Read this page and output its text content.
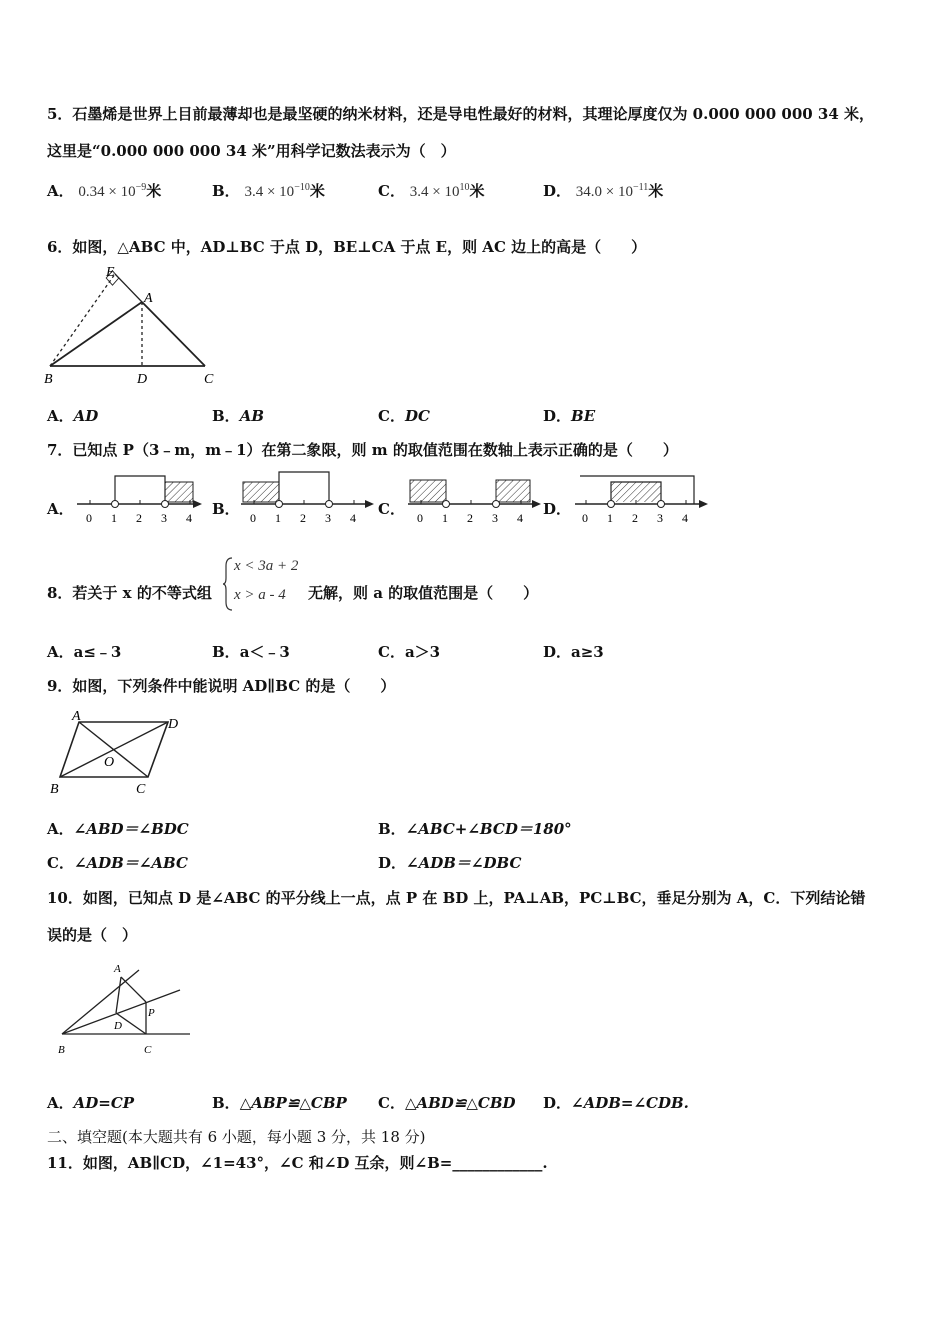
5．石墨烯是世界上目前最薄却也是最坚硬的纳米材料，还是导电性最好的材料，其理论厚度仅为 0.000 000 000 34 米，
这里是“0.000 000 000 34 米”用科学记数法表示为（　）
A． $0.34 \times 10^{-9}$米	B． $3.4 \times 10^{-10}$米	C． $3.4 \times 10^{10}$米	D． $34.0 \times 10^{-11}$米
6．如图，△ABC 中，AD⊥BC 于点 D，BE⊥CA 于点 E，则 AC 边上的高是（　　）
E
A
B	D	C
A．AD	B．AB	C．DC	D．BE
7．已知点 P（3﹣m，m﹣1）在第二象限，则 m 的取值范围在数轴上表示正确的是（　　）
A．	B．	C．	D．
0 1 2 3 4	0 1 2 3 4	0 1 2 3 4	0 1 2 3 4
8．若关于 x 的不等式组
x < 3a + 2
x > a - 4 无解，则 a 的取值范围是（　　）
A．a≤﹣3	B．a＜﹣3	C．a＞3	D．a≥3
9．如图，下列条件中能说明 AD∥BC 的是（　　）
A
D
O
B	C
A．∠ABD＝∠BDC	B．∠ABC+∠BCD＝180°
C．∠ADB＝∠ABC	D．∠ADB＝∠DBC
10．如图，已知点 D 是∠ABC 的平分线上一点，点 P 在 BD 上，PA⊥AB，PC⊥BC，垂足分别为 A，C．下列结论错
误的是（　）
A
P
D
B	C
A．AD=CP	B．△ABP≌△CBP C．△ABD≌△CBD D．∠ADB=∠CDB.
二、填空题(本大题共有 6 小题，每小题 3 分，共 18 分)
11．如图，AB∥CD，∠1=43°，∠C 和∠D 互余，则∠B=____________.
